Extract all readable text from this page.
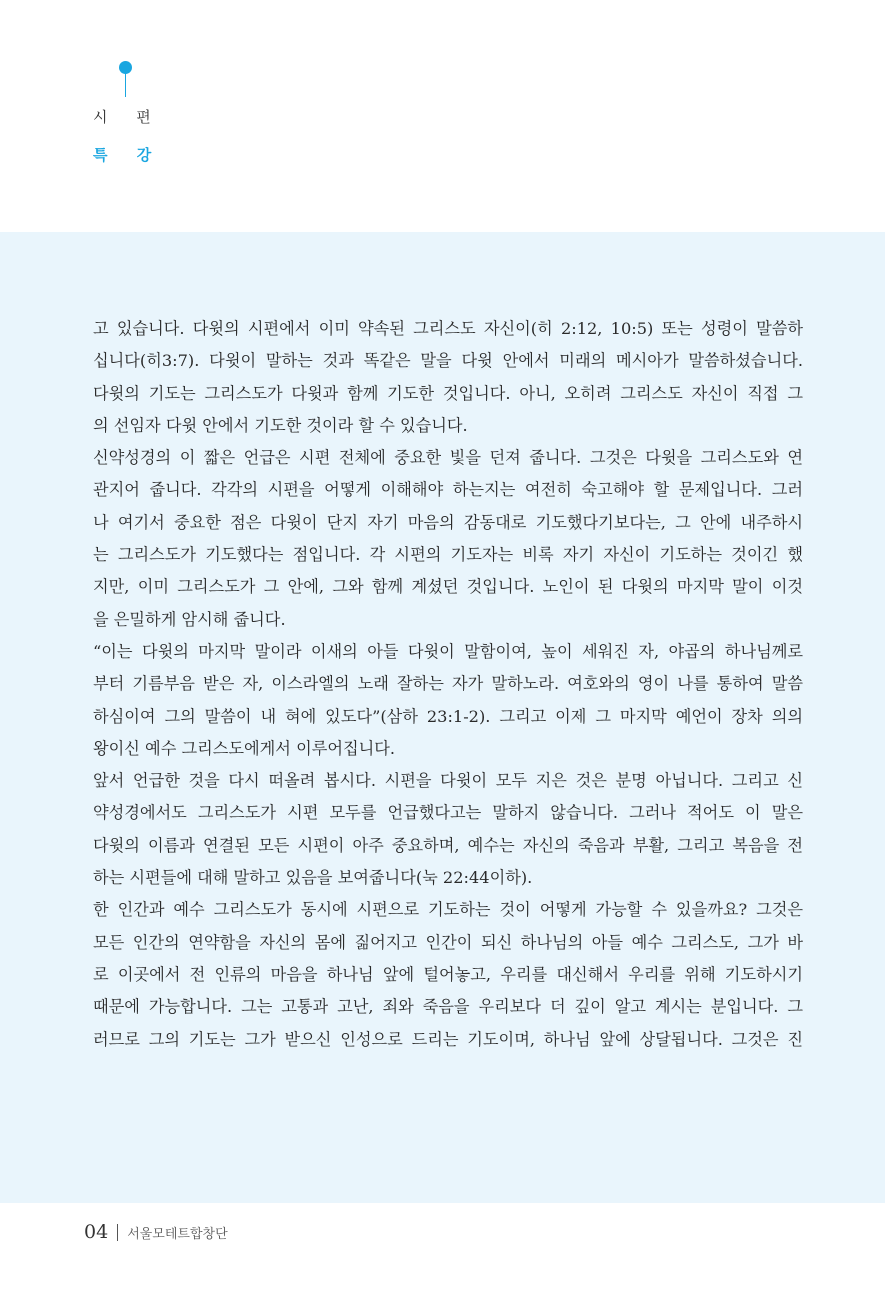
시 편
특 강
고 있습니다. 다윗의 시편에서 이미 약속된 그리스도 자신이(히 2:12, 10:5) 또는 성령이 말씀하
십니다(히3:7). 다윗이 말하는 것과 똑같은 말을 다윗 안에서 미래의 메시아가 말씀하셨습니다.
다윗의 기도는 그리스도가 다윗과 함께 기도한 것입니다. 아니, 오히려 그리스도 자신이 직접 그
의 선임자 다윗 안에서 기도한 것이라 할 수 있습니다.
신약성경의 이 짧은 언급은 시편 전체에 중요한 빛을 던져 줍니다. 그것은 다윗을 그리스도와 연
관지어 줍니다. 각각의 시편을 어떻게 이해해야 하는지는 여전히 숙고해야 할 문제입니다. 그러
나 여기서 중요한 점은 다윗이 단지 자기 마음의 감동대로 기도했다기보다는, 그 안에 내주하시
는 그리스도가 기도했다는 점입니다. 각 시편의 기도자는 비록 자기 자신이 기도하는 것이긴 했
지만, 이미 그리스도가 그 안에, 그와 함께 계셨던 것입니다. 노인이 된 다윗의 마지막 말이 이것
을 은밀하게 암시해 줍니다.
“이는 다윗의 마지막 말이라 이새의 아들 다윗이 말함이여, 높이 세워진 자, 야곱의 하나님께로
부터 기름부음 받은 자, 이스라엘의 노래 잘하는 자가 말하노라. 여호와의 영이 나를 통하여 말씀
하심이여 그의 말씀이 내 혀에 있도다”(삼하 23:1-2). 그리고 이제 그 마지막 예언이 장차 의의
왕이신 예수 그리스도에게서 이루어집니다.
앞서 언급한 것을 다시 떠올려 봅시다. 시편을 다윗이 모두 지은 것은 분명 아닙니다. 그리고 신
약성경에서도 그리스도가 시편 모두를 언급했다고는 말하지 않습니다. 그러나 적어도 이 말은
다윗의 이름과 연결된 모든 시편이 아주 중요하며, 예수는 자신의 죽음과 부활, 그리고 복음을 전
하는 시편들에 대해 말하고 있음을 보여줍니다(눅 22:44이하).
한 인간과 예수 그리스도가 동시에 시편으로 기도하는 것이 어떻게 가능할 수 있을까요? 그것은
모든 인간의 연약함을 자신의 몸에 짊어지고 인간이 되신 하나님의 아들 예수 그리스도, 그가 바
로 이곳에서 전 인류의 마음을 하나님 앞에 털어놓고, 우리를 대신해서 우리를 위해 기도하시기
때문에 가능합니다. 그는 고통과 고난, 죄와 죽음을 우리보다 더 깊이 알고 계시는 분입니다. 그
러므로 그의 기도는 그가 받으신 인성으로 드리는 기도이며, 하나님 앞에 상달됩니다. 그것은 진
04 서울모테트합창단
